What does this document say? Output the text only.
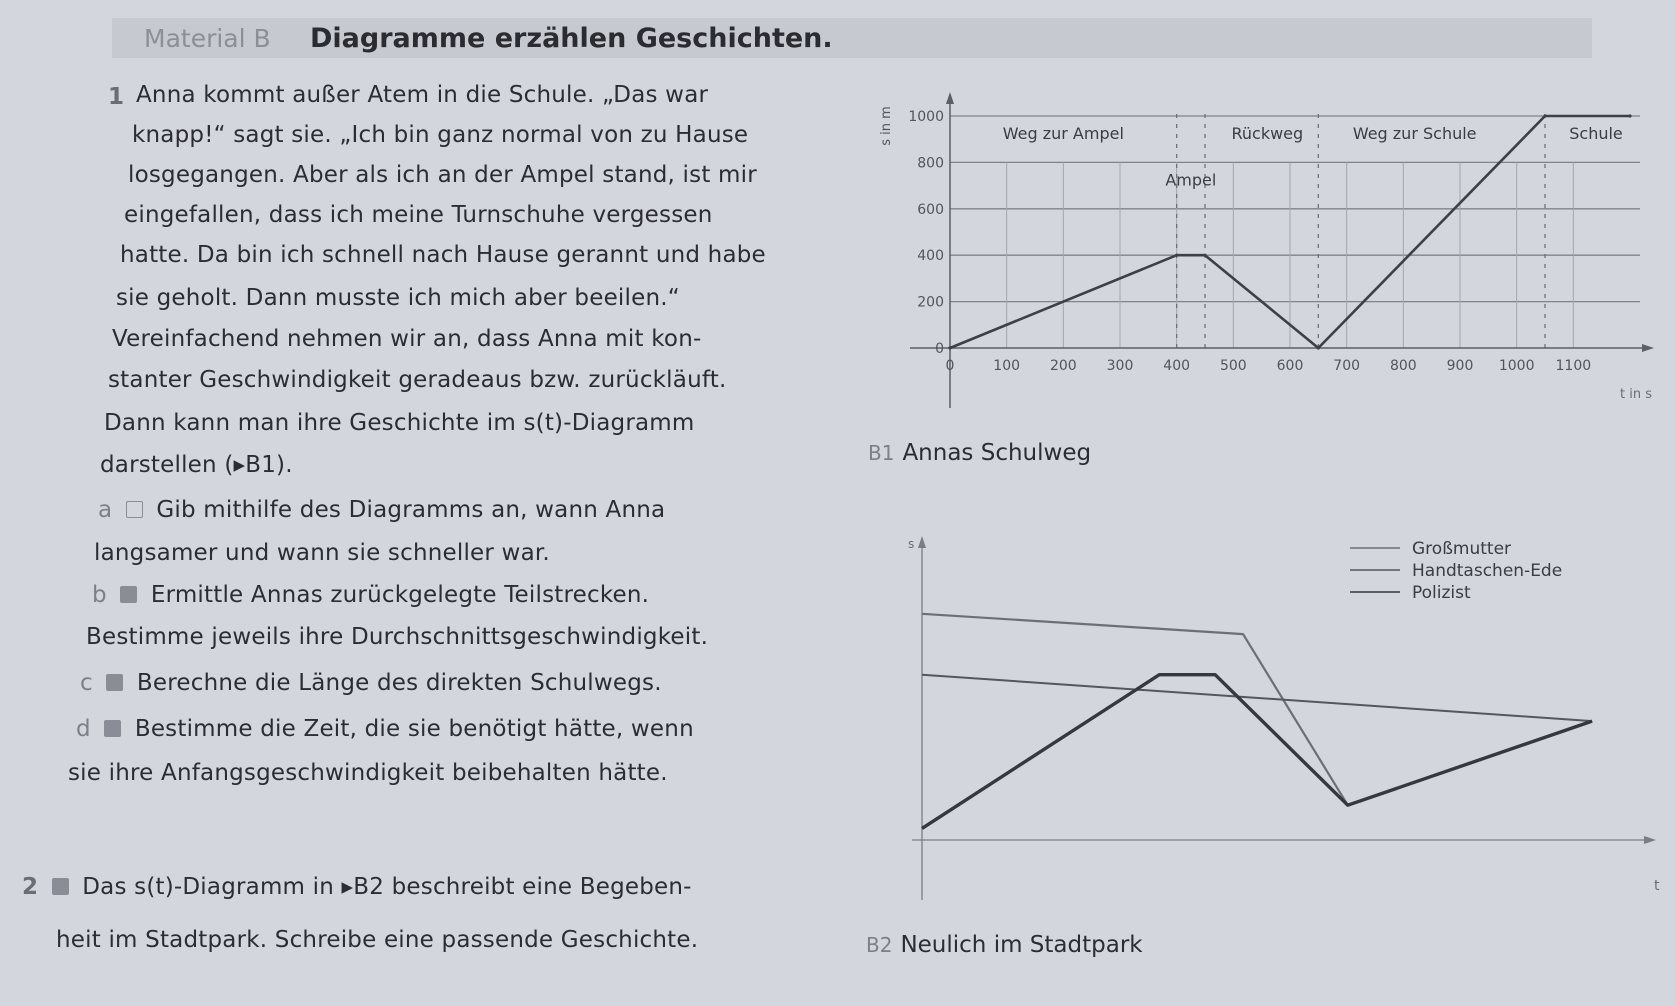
Material B Diagramme erzählen Geschichten.
1 Anna kommt außer Atem in die Schule. „Das war
knapp!“ sagt sie. „Ich bin ganz normal von zu Hause
losgegangen. Aber als ich an der Ampel stand, ist mir
eingefallen, dass ich meine Turnschuhe vergessen
hatte. Da bin ich schnell nach Hause gerannt und habe
sie geholt. Dann musste ich mich aber beeilen.“
Vereinfachend nehmen wir an, dass Anna mit kon-
stanter Geschwindigkeit geradeaus bzw. zurückläuft.
Dann kann man ihre Geschichte im s(t)-Diagramm
darstellen (▸B1).
a Gib mithilfe des Diagramms an, wann Anna
langsamer und wann sie schneller war.
b Ermittle Annas zurückgelegte Teilstrecken.
Bestimme jeweils ihre Durchschnittsgeschwindigkeit.
c Berechne die Länge des direkten Schulwegs.
d Bestimme die Zeit, die sie benötigt hätte, wenn
sie ihre Anfangsgeschwindigkeit beibehalten hätte.
2 Das s(t)-Diagramm in ▸B2 beschreibt eine Begeben-
heit im Stadtpark. Schreibe eine passende Geschichte.
0
200
400
600
800
1000
0	100 200 300 400 500 600 700 800 900 1000 1100
s in m
t in s
Weg zur Ampel
Ampel
Rückweg	Weg zur Schule	Schule
B1 Annas Schulweg
s
t
Großmutter
Handtaschen-Ede
Polizist
B2 Neulich im Stadtpark
